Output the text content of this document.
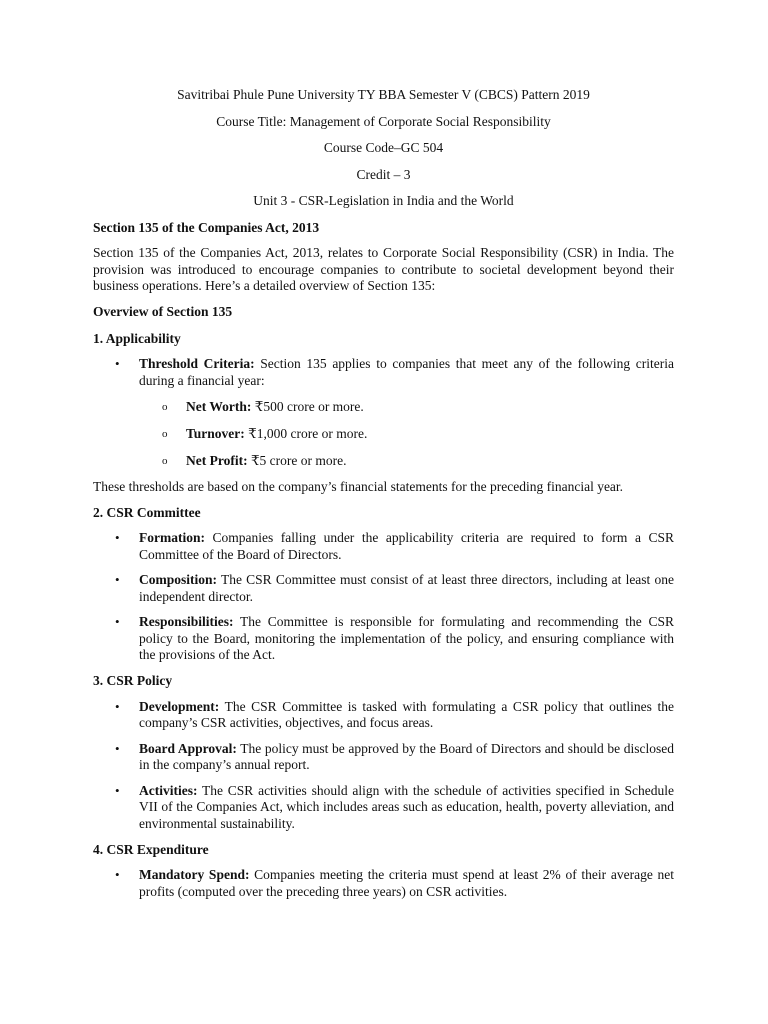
Savitribai Phule Pune University TY BBA Semester V (CBCS) Pattern 2019

Course Title: Management of Corporate Social Responsibility

Course Code–GC 504

Credit – 3

Unit 3 - CSR-Legislation in India and the World

Section 135 of the Companies Act, 2013

Section 135 of the Companies Act, 2013, relates to Corporate Social Responsibility (CSR) in India. The provision was introduced to encourage companies to contribute to societal development beyond their business operations. Here’s a detailed overview of Section 135:

Overview of Section 135

1. Applicability

• Threshold Criteria: Section 135 applies to companies that meet any of the following criteria during a financial year:
o Net Worth: ₹500 crore or more.
o Turnover: ₹1,000 crore or more.
o Net Profit: ₹5 crore or more.

These thresholds are based on the company’s financial statements for the preceding financial year.

2. CSR Committee

• Formation: Companies falling under the applicability criteria are required to form a CSR Committee of the Board of Directors.
• Composition: The CSR Committee must consist of at least three directors, including at least one independent director.
• Responsibilities: The Committee is responsible for formulating and recommending the CSR policy to the Board, monitoring the implementation of the policy, and ensuring compliance with the provisions of the Act.

3. CSR Policy

• Development: The CSR Committee is tasked with formulating a CSR policy that outlines the company’s CSR activities, objectives, and focus areas.
• Board Approval: The policy must be approved by the Board of Directors and should be disclosed in the company’s annual report.
• Activities: The CSR activities should align with the schedule of activities specified in Schedule VII of the Companies Act, which includes areas such as education, health, poverty alleviation, and environmental sustainability.

4. CSR Expenditure

• Mandatory Spend: Companies meeting the criteria must spend at least 2% of their average net profits (computed over the preceding three years) on CSR activities.
